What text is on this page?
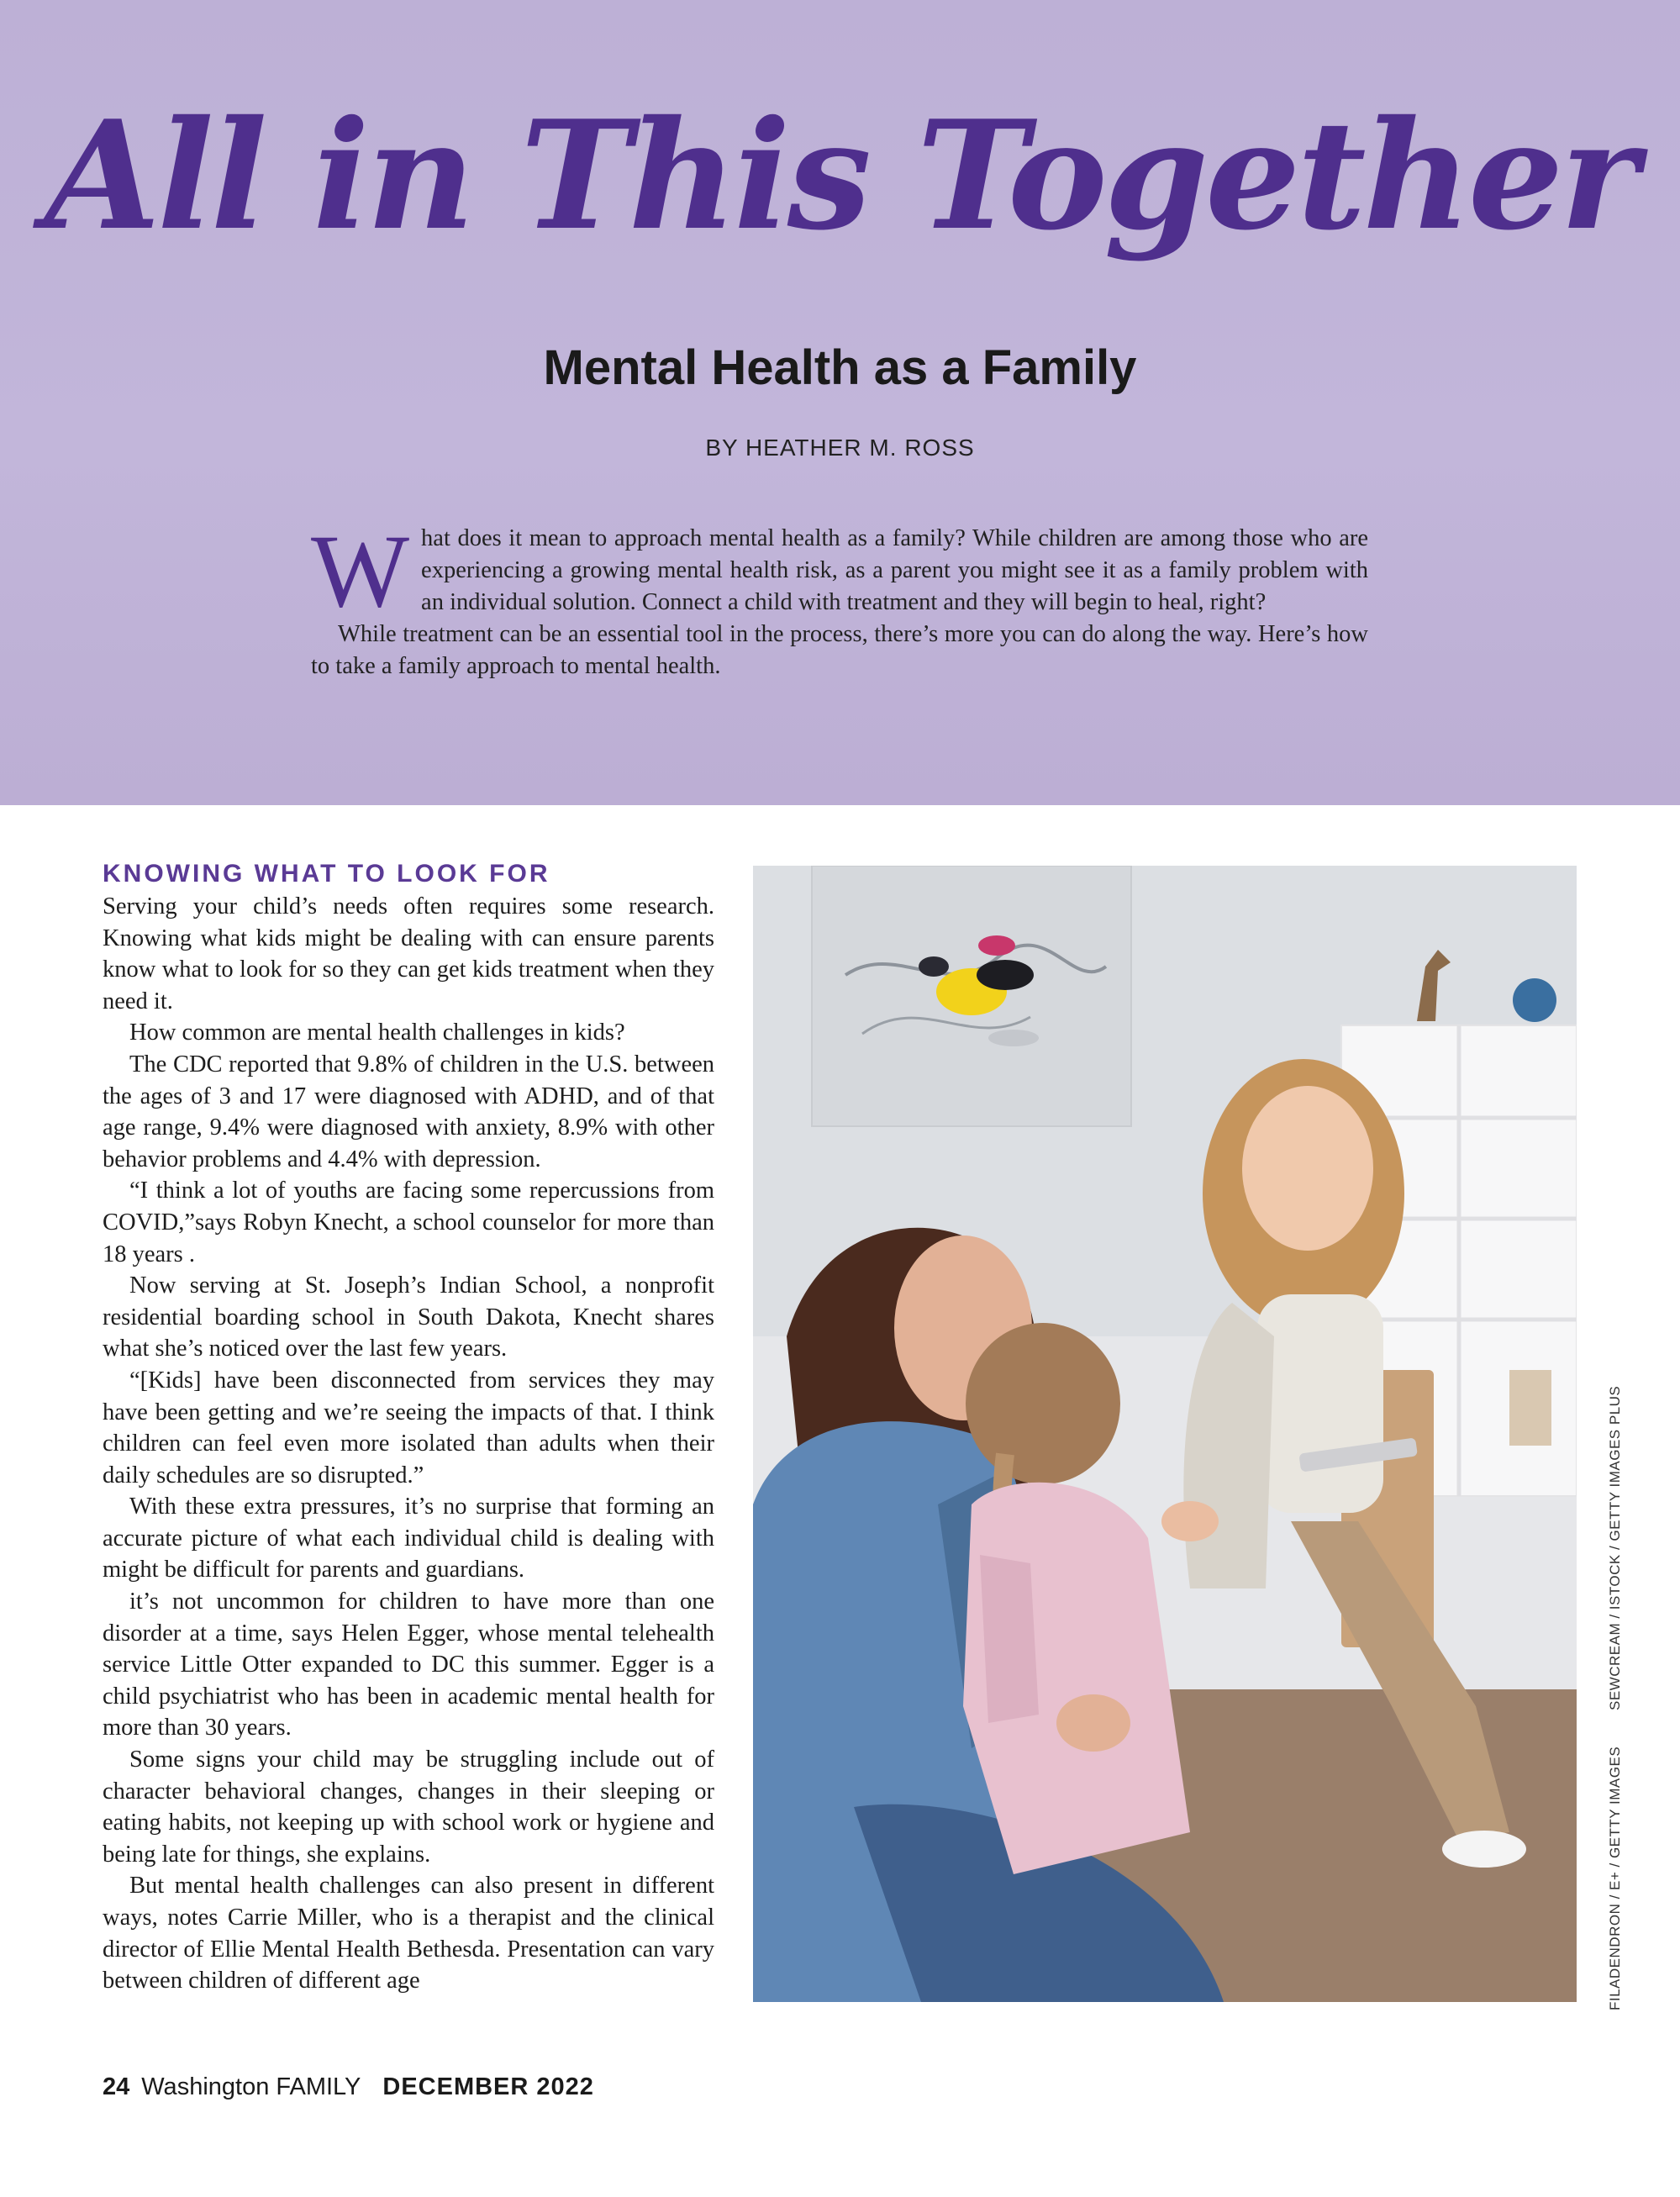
All in This Together
Mental Health as a Family
BY HEATHER M. ROSS

What does it mean to approach mental health as a family? While children are among those who are experiencing a growing mental health risk, as a parent you might see it as a family problem with an individual solution. Connect a child with treatment and they will begin to heal, right?

While treatment can be an essential tool in the process, there’s more you can do along the way. Here’s how to take a family approach to mental health.

KNOWING WHAT TO LOOK FOR

Serving your child’s needs often requires some research. Knowing what kids might be dealing with can ensure parents know what to look for so they can get kids treatment when they need it.

How common are mental health challenges in kids?

The CDC reported that 9.8% of children in the U.S. between the ages of 3 and 17 were diagnosed with ADHD, and of that age range, 9.4% were diagnosed with anxiety, 8.9% with other behavior problems and 4.4% with depression.

“I think a lot of youths are facing some repercussions from COVID,”says Robyn Knecht, a school counselor for more than 18 years .

Now serving at St. Joseph’s Indian School, a nonprofit residential boarding school in South Dakota, Knecht shares what she’s noticed over the last few years.

“[Kids] have been disconnected from services they may have been getting and we’re seeing the impacts of that. I think children can feel even more isolated than adults when their daily schedules are so disrupted.”

With these extra pressures, it’s no surprise that forming an accurate picture of what each individual child is dealing with might be difficult for parents and guardians.

it’s not uncommon for children to have more than one disorder at a time, says Helen Egger, whose mental telehealth service Little Otter expanded to DC this summer. Egger is a child psychiatrist who has been in academic mental health for more than 30 years.

Some signs your child may be struggling include out of character behavioral changes, changes in their sleeping or eating habits, not keeping up with school work or hygiene and being late for things, she explains.

But mental health challenges can also present in different ways, notes Carrie Miller, who is a therapist and the clinical director of Ellie Mental Health Bethesda. Presentation can vary between children of different age

SEWCREAM / ISTOCK / GETTY IMAGES PLUS
FILADENDRON / E+ / GETTY IMAGES
24 Washington FAMILY DECEMBER 2022
